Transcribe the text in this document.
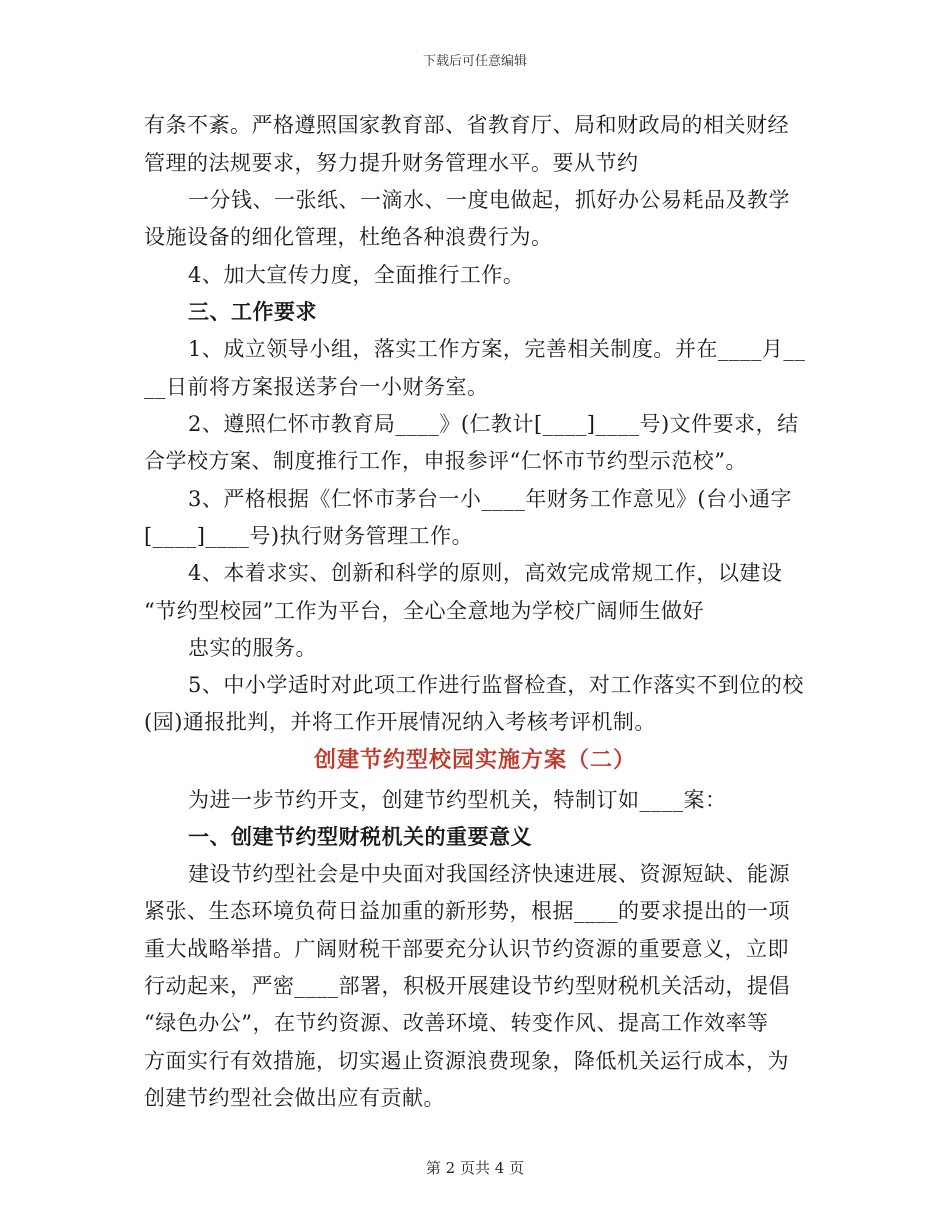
下载后可任意编辑
有条不紊。严格遵照国家教育部、省教育厅、局和财政局的相关财经
管理的法规要求，努力提升财务管理水平。要从节约
一分钱、一张纸、一滴水、一度电做起，抓好办公易耗品及教学
设施设备的细化管理，杜绝各种浪费行为。
4、加大宣传力度，全面推行工作。
三、工作要求
1、成立领导小组，落实工作方案，完善相关制度。并在____月__
__日前将方案报送茅台一小财务室。
2、遵照仁怀市教育局____》(仁教计[____]____号)文件要求，结
合学校方案、制度推行工作，申报参评“仁怀市节约型示范校”。
3、严格根据《仁怀市茅台一小____年财务工作意见》(台小通字
[____]____号)执行财务管理工作。
4、本着求实、创新和科学的原则，高效完成常规工作，以建设
“节约型校园”工作为平台，全心全意地为学校广阔师生做好
忠实的服务。
5、中小学适时对此项工作进行监督检查，对工作落实不到位的校
(园)通报批判，并将工作开展情况纳入考核考评机制。
创建节约型校园实施方案（二）
为进一步节约开支，创建节约型机关，特制订如____案：
一、创建节约型财税机关的重要意义
建设节约型社会是中央面对我国经济快速进展、资源短缺、能源
紧张、生态环境负荷日益加重的新形势，根据____的要求提出的一项
重大战略举措。广阔财税干部要充分认识节约资源的重要意义，立即
行动起来，严密____部署，积极开展建设节约型财税机关活动，提倡
“绿色办公”，在节约资源、改善环境、转变作风、提高工作效率等
方面实行有效措施，切实遏止资源浪费现象，降低机关运行成本，为
创建节约型社会做出应有贡献。
第 2 页共 4 页
